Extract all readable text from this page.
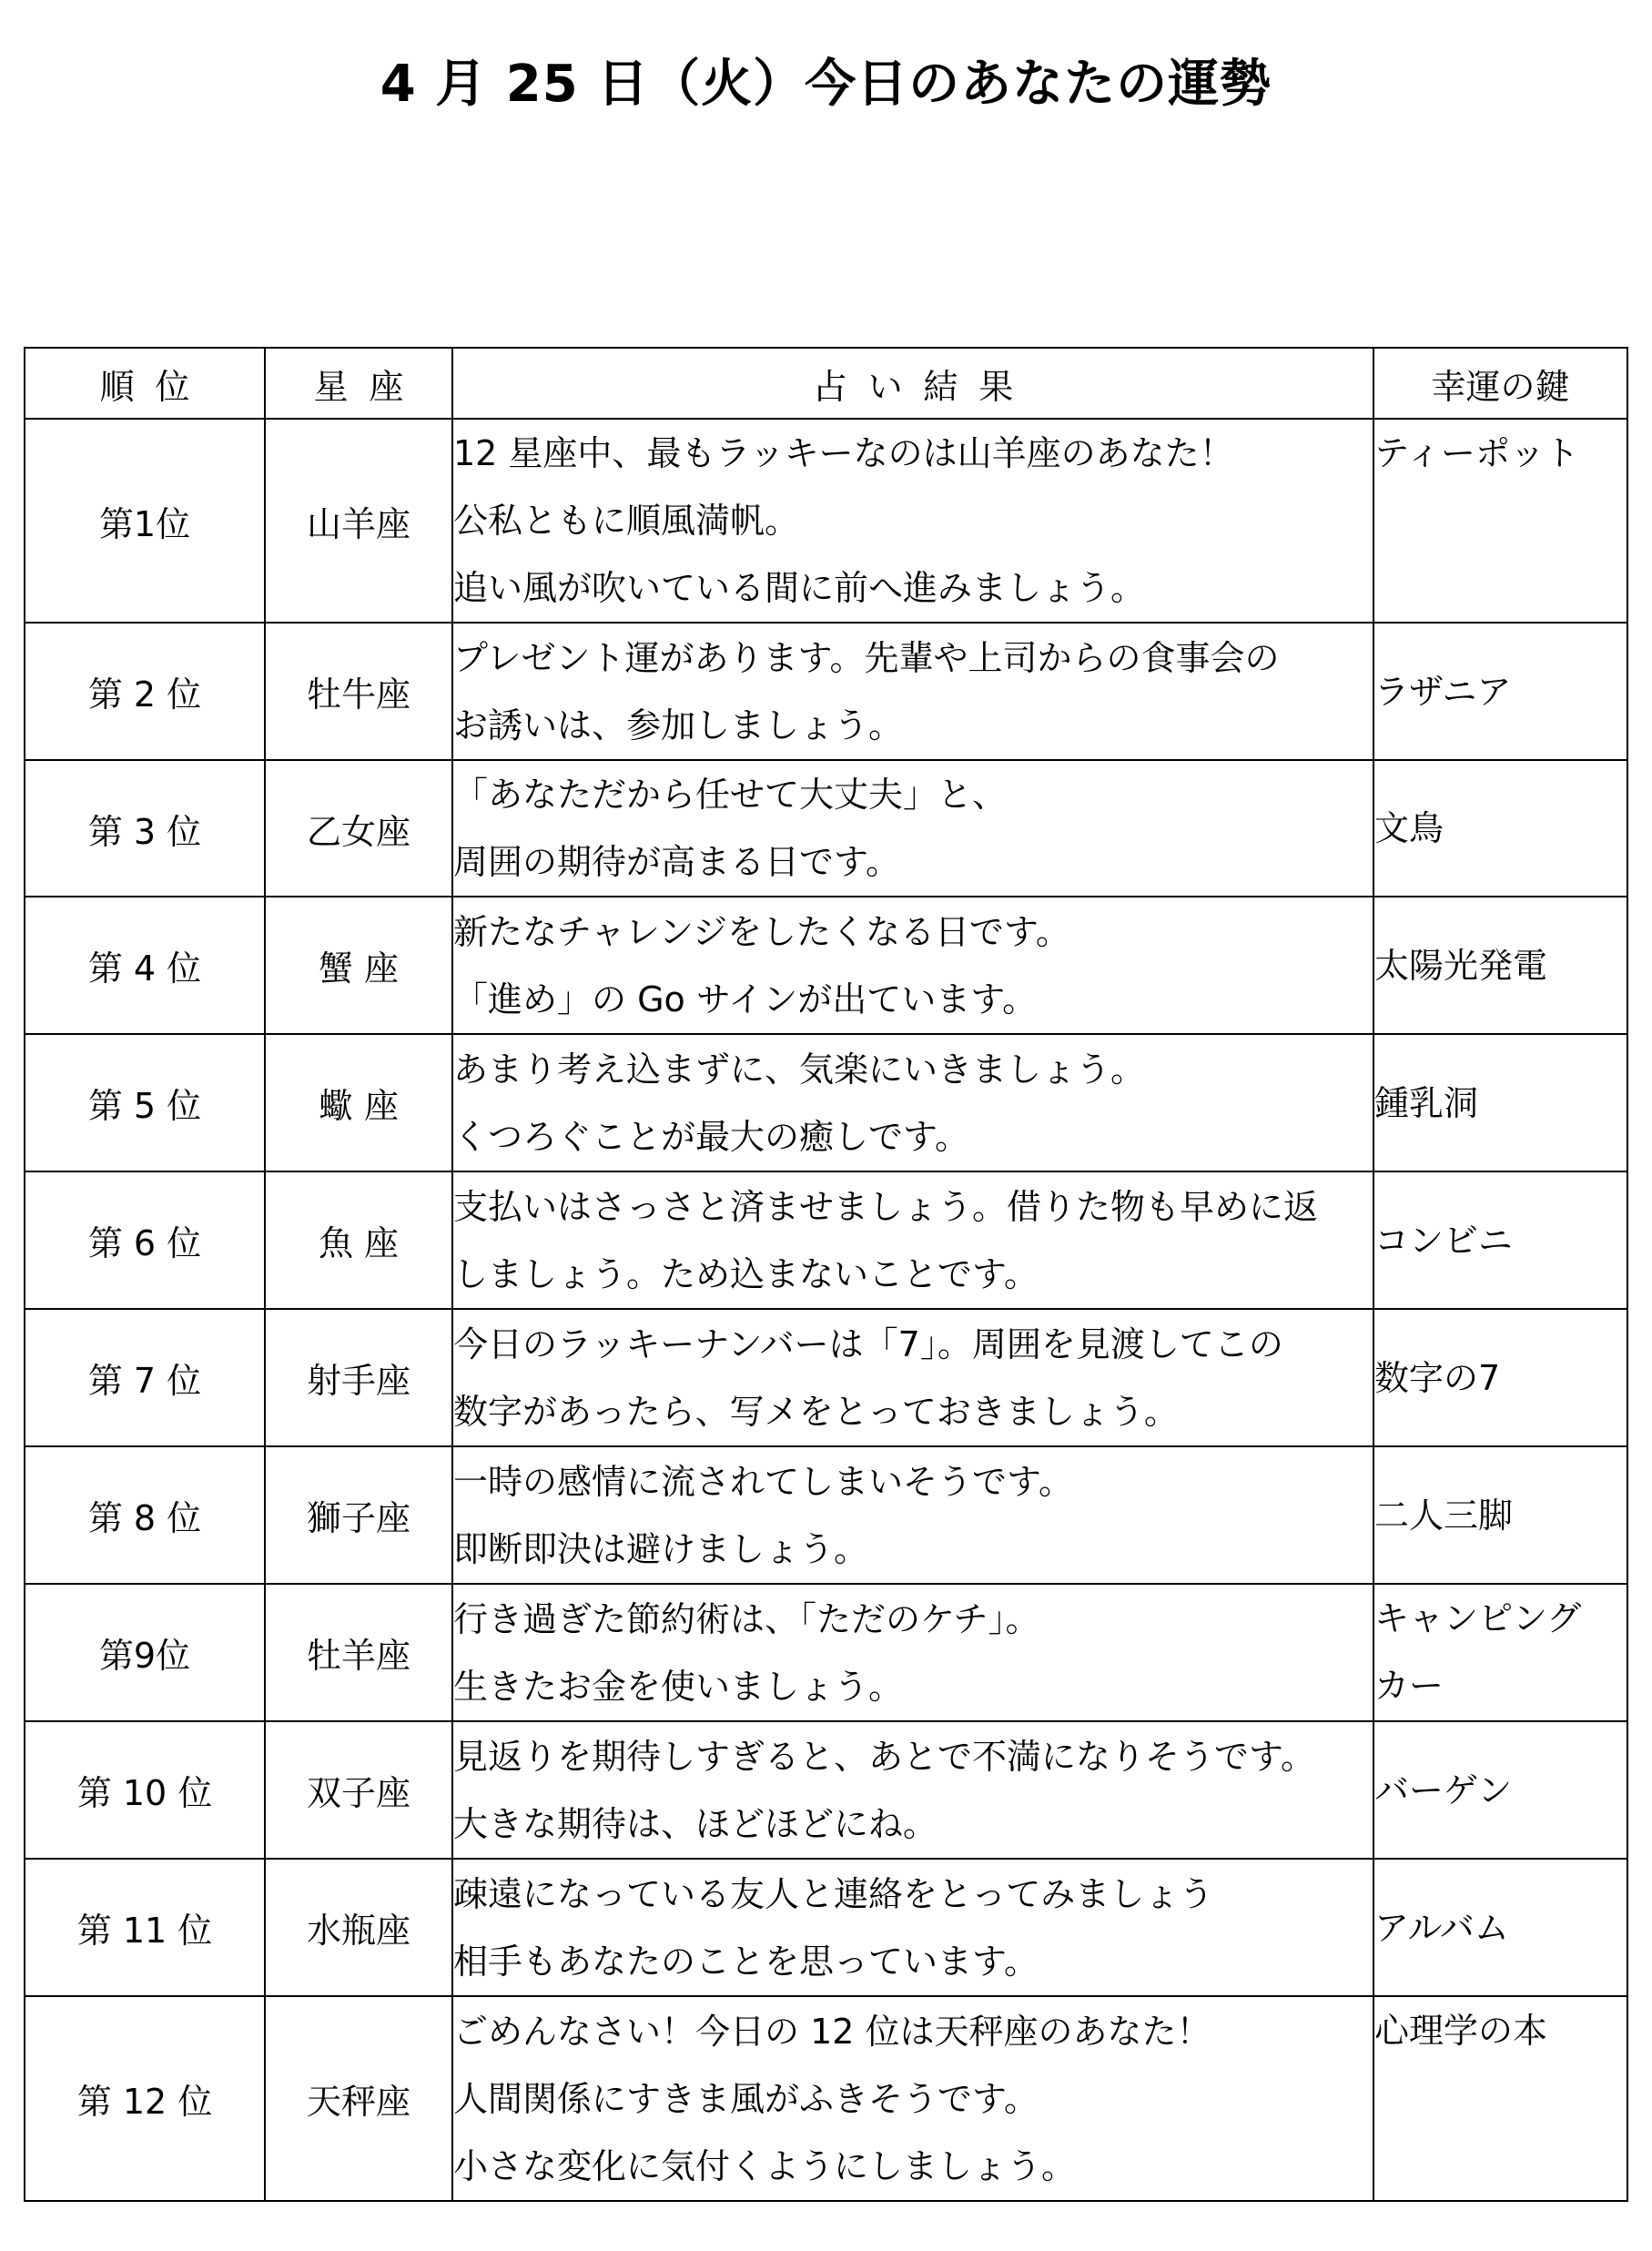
4 月 25 日（火）今日のあなたの運勢
順位	星座	占い結果	幸運の鍵
第1位	山羊座	12 星座中、最もラッキーなのは山羊座のあなた！
公私ともに順風満帆。
追い風が吹いている間に前へ進みましょう。	ティーポット

第 2 位	牡牛座	プレゼント運があります。先輩や上司からの食事会の
お誘いは、参加しましょう。	ラザニア

第 3 位	乙女座	「あなただから任せて大丈夫」と、
周囲の期待が高まる日です。	文鳥

第 4 位	蟹 座	新たなチャレンジをしたくなる日です。
「進め」の Go サインが出ています。	太陽光発電

第 5 位	蠍 座	あまり考え込まずに、気楽にいきましょう。
くつろぐことが最大の癒しです。	鍾乳洞

第 6 位	魚 座	支払いはさっさと済ませましょう。借りた物も早めに返
しましょう。ため込まないことです。	コンビニ

第 7 位	射手座	今日のラッキーナンバーは「7」。周囲を見渡してこの
数字があったら、写メをとっておきましょう。	数字の7

第 8 位	獅子座	一時の感情に流されてしまいそうです。
即断即決は避けましょう。	二人三脚

第9位	牡羊座	行き過ぎた節約術は、「ただのケチ」。
生きたお金を使いましょう。	キャンピング
カー

第 10 位	双子座	見返りを期待しすぎると、あとで不満になりそうです。
大きな期待は、ほどほどにね。	バーゲン

第 11 位	水瓶座	疎遠になっている友人と連絡をとってみましょう
相手もあなたのことを思っています。	アルバム

第 12 位	天秤座	ごめんなさい！今日の 12 位は天秤座のあなた！
人間関係にすきま風がふきそうです。
小さな変化に気付くようにしましょう。	心理学の本
